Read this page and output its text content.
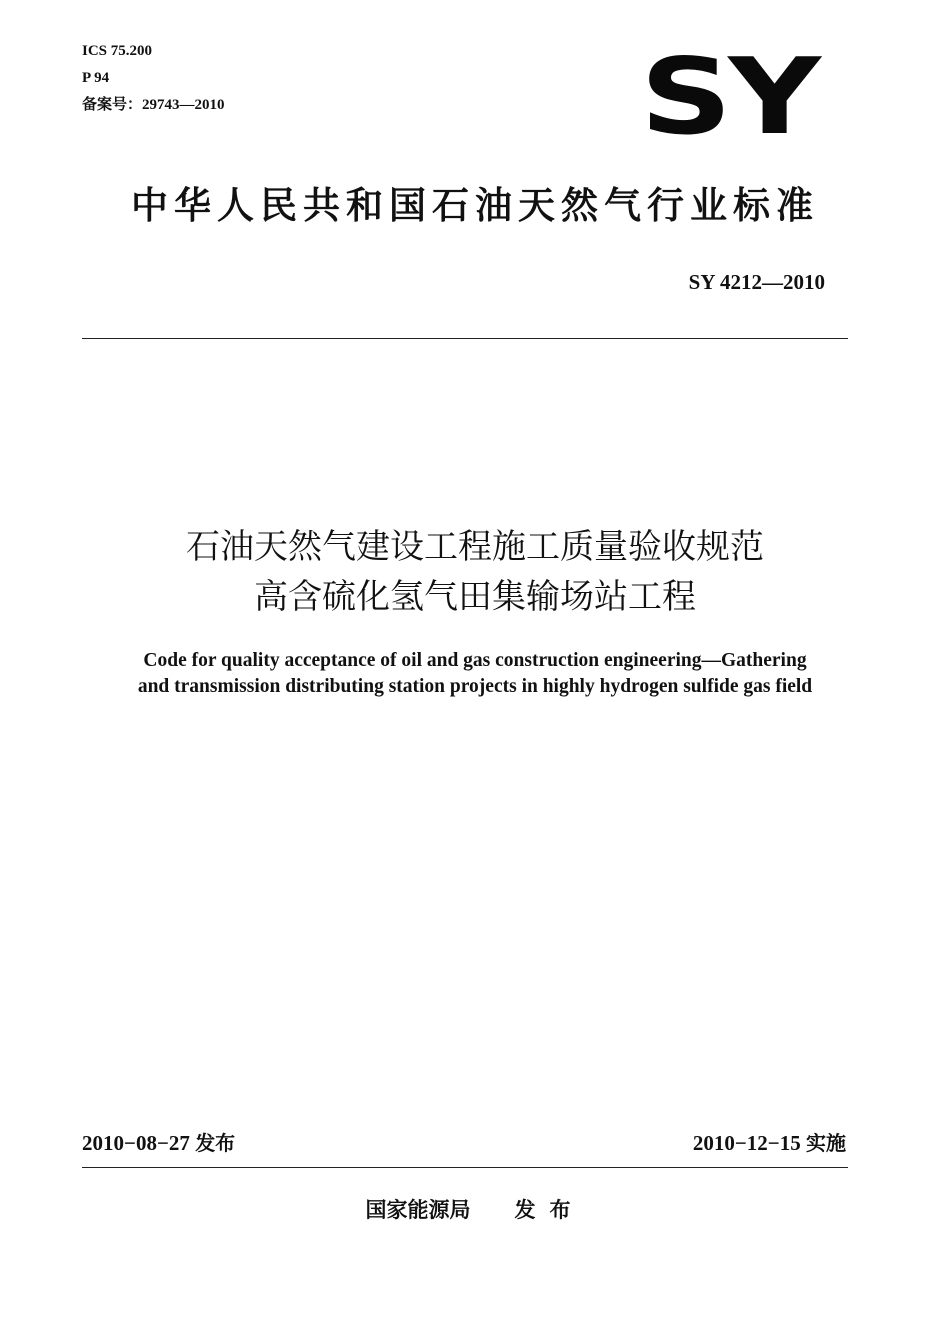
ICS 75.200
P 94
备案号：29743—2010	SY
中华人民共和国石油天然气行业标准
SY 4212—2010
石油天然气建设工程施工质量验收规范
高含硫化氢气田集输场站工程
Code for quality acceptance of oil and gas construction engineering—Gathering
and transmission distributing station projects in highly hydrogen sulfide gas field
2010−08−27 发布	2010−12−15 实施
国家能源局 发布
